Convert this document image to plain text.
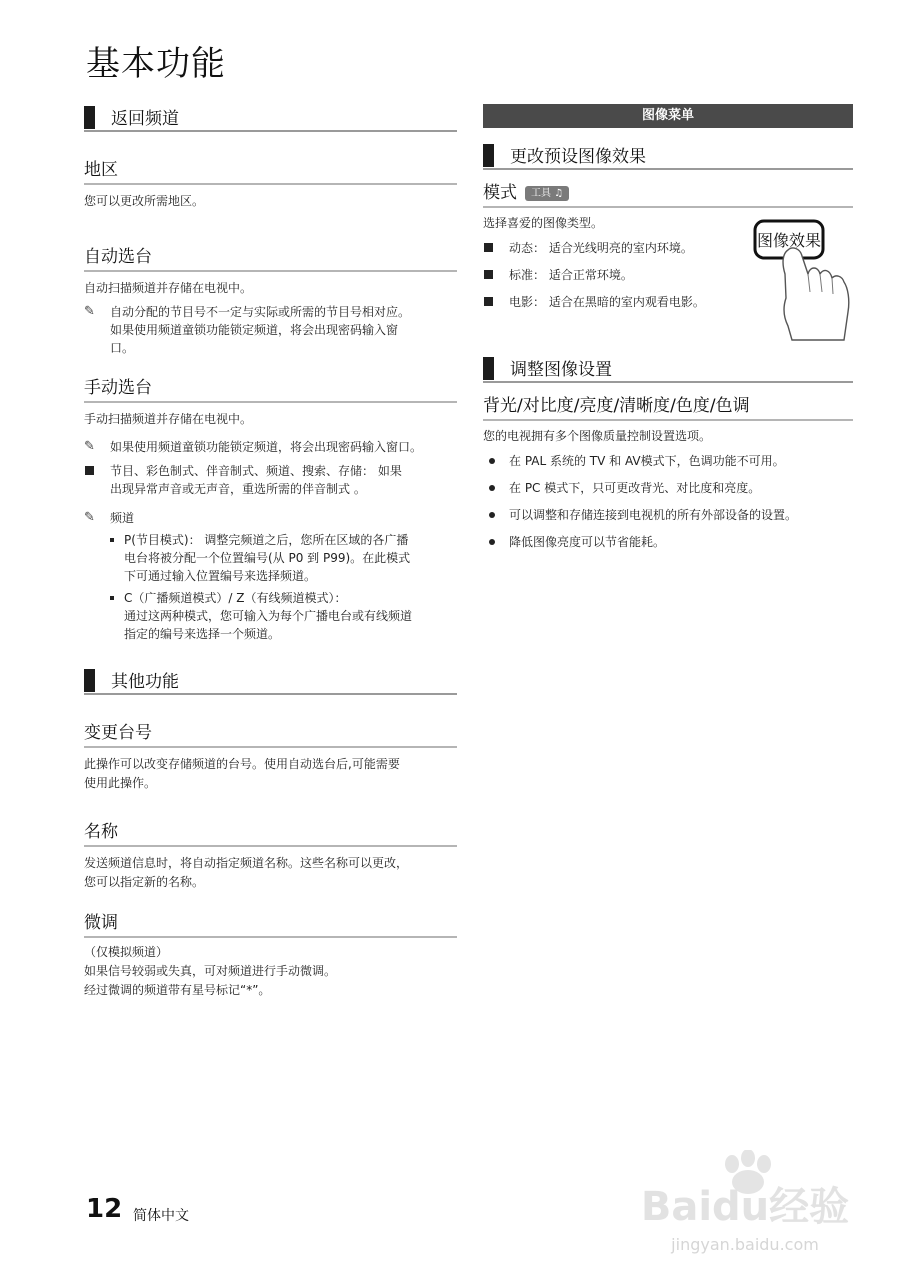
基本功能
返回频道
地区
您可以更改所需地区。
自动选台
自动扫描频道并存储在电视中。
✎ 自动分配的节目号不一定与实际或所需的节目号相对应。
如果使用频道童锁功能锁定频道，将会出现密码输入窗
口。
手动选台
手动扫描频道并存储在电视中。
✎ 如果使用频道童锁功能锁定频道，将会出现密码输入窗口。
节目、彩色制式、伴音制式、频道、搜索、存储： 如果
出现异常声音或无声音，重选所需的伴音制式 。
✎ 频道
P(节目模式)： 调整完频道之后，您所在区域的各广播
电台将被分配一个位置编号(从 P0 到 P99)。在此模式
下可通过输入位置编号来选择频道。
C（广播频道模式）/ Z（有线频道模式）：
通过这两种模式，您可输入为每个广播电台或有线频道
指定的编号来选择一个频道。
其他功能
变更台号
此操作可以改变存储频道的台号。使用自动选台后,可能需要
使用此操作。
名称
发送频道信息时，将自动指定频道名称。这些名称可以更改，
您可以指定新的名称。
微调
（仅模拟频道）
如果信号较弱或失真，可对频道进行手动微调。
经过微调的频道带有星号标记“*”。
图像菜单
更改预设图像效果
模式 工具 ♫
选择喜爱的图像类型。
动态： 适合光线明亮的室内环境。
标准： 适合正常环境。
电影： 适合在黑暗的室内观看电影。
调整图像设置
背光/对比度/亮度/清晰度/色度/色调
您的电视拥有多个图像质量控制设置选项。
在 PAL 系统的 TV 和 AV模式下，色调功能不可用。
在 PC 模式下，只可更改背光、对比度和亮度。
可以调整和存储连接到电视机的所有外部设备的设置。
降低图像亮度可以节省能耗。
图像效果
12 简体中文	Baidu经验
jingyan.baidu.com
